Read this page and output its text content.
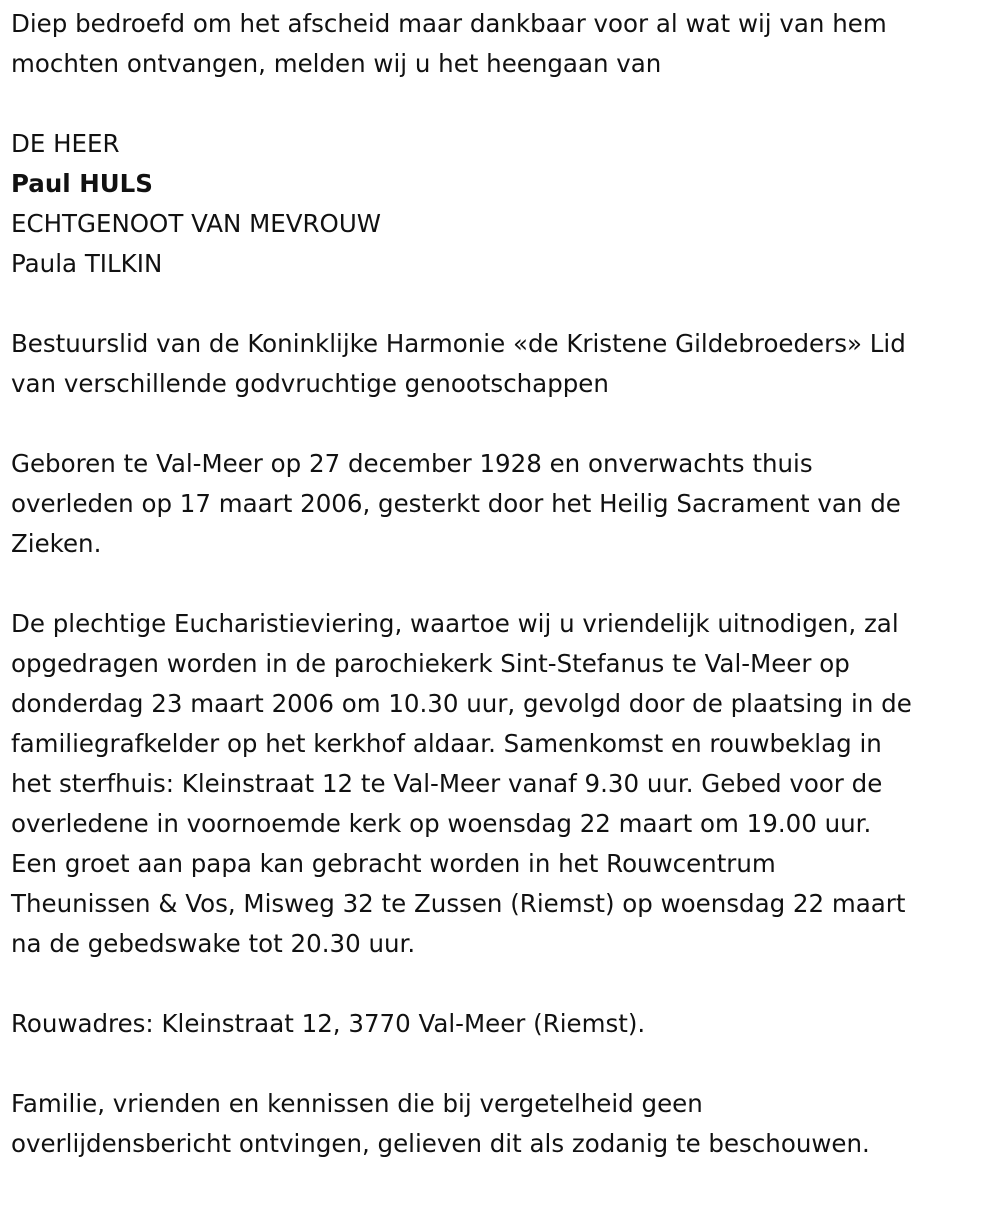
Diep bedroefd om het afscheid maar dankbaar voor al wat wij van hem
mochten ontvangen, melden wij u het heengaan van

DE HEER
Paul HULS
ECHTGENOOT VAN MEVROUW
Paula TILKIN

Bestuurslid van de Koninklijke Harmonie «de Kristene Gildebroeders» Lid
van verschillende godvruchtige genootschappen

Geboren te Val-Meer op 27 december 1928 en onverwachts thuis
overleden op 17 maart 2006, gesterkt door het Heilig Sacrament van de
Zieken.

De plechtige Eucharistieviering, waartoe wij u vriendelijk uitnodigen, zal
opgedragen worden in de parochiekerk Sint-Stefanus te Val-Meer op
donderdag 23 maart 2006 om 10.30 uur, gevolgd door de plaatsing in de
familiegrafkelder op het kerkhof aldaar. Samenkomst en rouwbeklag in
het sterfhuis: Kleinstraat 12 te Val-Meer vanaf 9.30 uur. Gebed voor de
overledene in voornoemde kerk op woensdag 22 maart om 19.00 uur.
Een groet aan papa kan gebracht worden in het Rouwcentrum
Theunissen & Vos, Misweg 32 te Zussen (Riemst) op woensdag 22 maart
na de gebedswake tot 20.30 uur.

Rouwadres: Kleinstraat 12, 3770 Val-Meer (Riemst).

Familie, vrienden en kennissen die bij vergetelheid geen
overlijdensbericht ontvingen, gelieven dit als zodanig te beschouwen.
